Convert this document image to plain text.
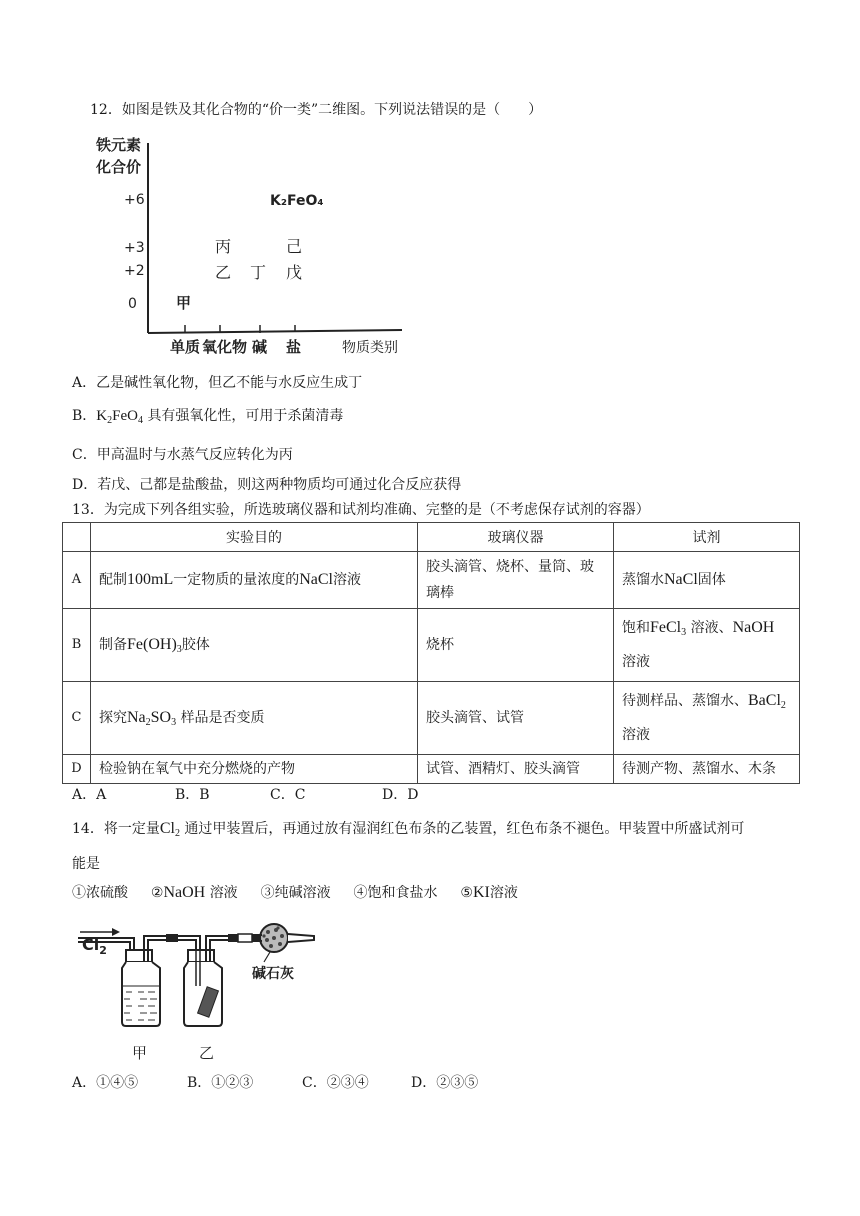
12．如图是铁及其化合物的“价一类”二维图。下列说法错误的是（　　）
铁元素
化合价
+6
+3
+2
0
单质 氧化物 碱 盐	物质类别
甲
丙
乙 丁
己
戊
K₂FeO₄
A．乙是碱性氧化物，但乙不能与水反应生成丁
B．$K_2FeO_4$ 具有强氧化性，可用于杀菌清毒
C．甲高温时与水蒸气反应转化为丙
D．若戊、己都是盐酸盐，则这两种物质均可通过化合反应获得
13．为完成下列各组实验，所选玻璃仪器和试剂均准确、完整的是（不考虑保存试剂的容器）
	实验目的	玻璃仪器	试剂
A	配制100mL一定物质的量浓度的NaCl溶液	胶头滴管、烧杯、量筒、玻璃棒	蒸馏水NaCl固体
B	制备$Fe(OH)_3$胶体	烧杯	饱和FeCl$_3$ 溶液、NaOH
溶液
C	探究$Na_2SO_3$ 样品是否变质	胶头滴管、试管	待测样品、蒸馏水、BaCl$_2$
溶液
D	检验钠在氧气中充分燃烧的产物	试管、酒精灯、胶头滴管	待测产物、蒸馏水、木条
A．A	B．B	C．C	D．D
14．将一定量$Cl_2$ 通过甲装置后，再通过放有湿润红色布条的乙装置，红色布条不褪色。甲装置中所盛试剂可
能是
①浓硫酸 ②NaOH 溶液 ③纯碱溶液 ④饱和食盐水 ⑤KI溶液
$Cl_2$
碱石灰
甲	乙
A．①④⑤	B．①②③	C．②③④	D．②③⑤
